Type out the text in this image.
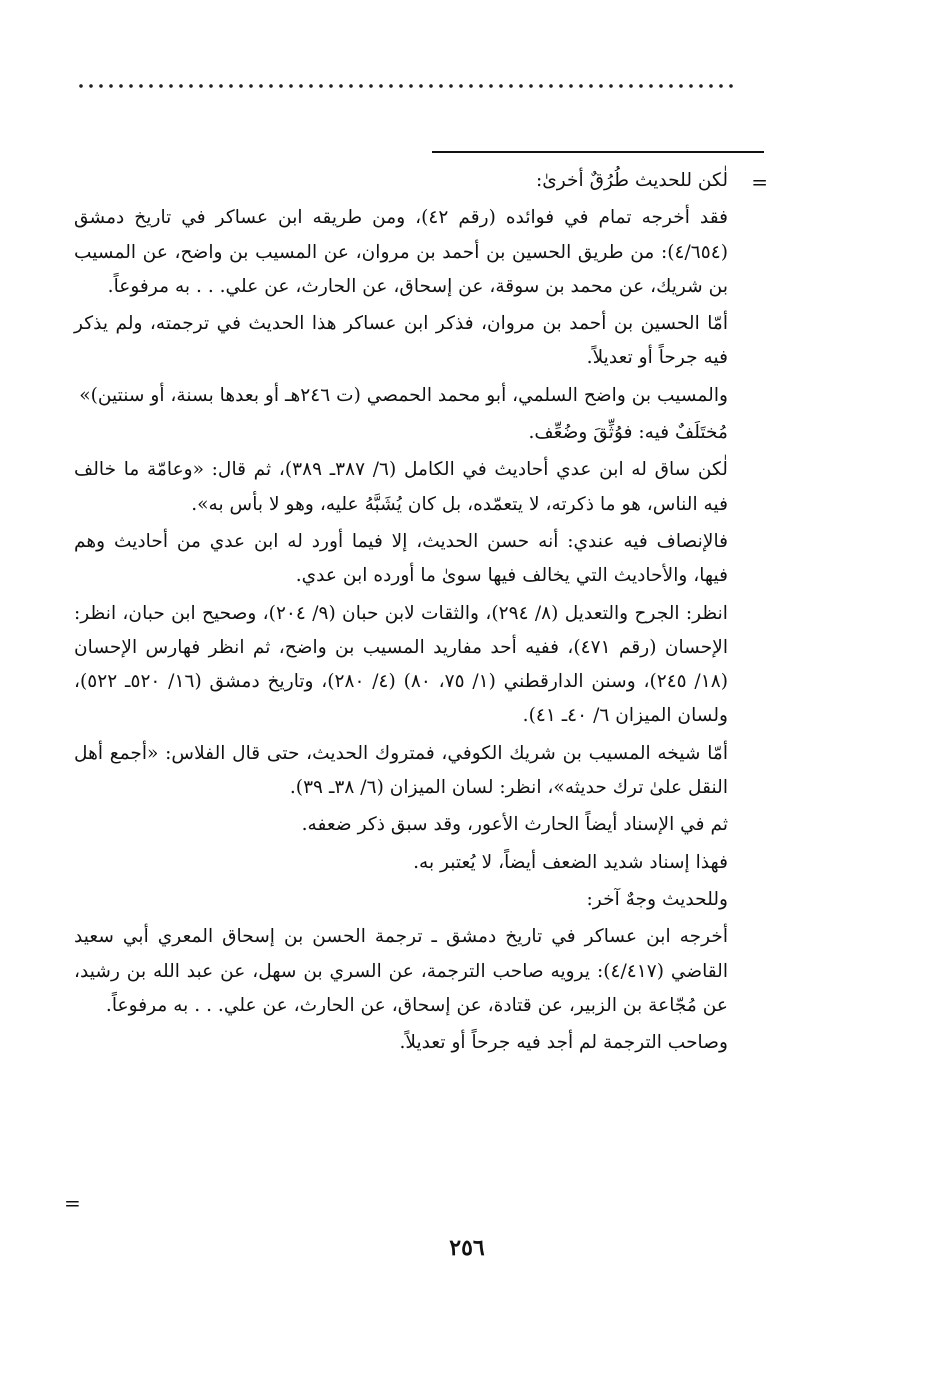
=

لٰكن للحديث طُرُقٌ أخرىٰ:

فقد أخرجه تمام في فوائده (رقم ٤٢)، ومن طريقه ابن عساكر في تاريخ دمشق (٤/٦٥٤): من طريق الحسين بن أحمد بن مروان، عن المسيب بن واضح، عن المسيب بن شريك، عن محمد بن سوقة، عن إسحاق، عن الحارث، عن علي. . . به مرفوعاً.

أمّا الحسين بن أحمد بن مروان، فذكر ابن عساكر هذا الحديث في ترجمته، ولم يذكر فيه جرحاً أو تعديلاً.

والمسيب بن واضح السلمي، أبو محمد الحمصي (ت ٢٤٦هـ أو بعدها بسنة، أو سنتين)»

مُختَلَفٌ فيه: فوُثِّقَ وضُعِّف.

لٰكن ساق له ابن عدي أحاديث في الكامل (٦/ ٣٨٧ـ ٣٨٩)، ثم قال: «وعامّة ما خالف فيه الناس، هو ما ذكرته، لا يتعمّده، بل كان يُشَبَّهُ عليه، وهو لا بأس به».

فالإنصاف فيه عندي: أنه حسن الحديث، إلا فيما أورد له ابن عدي من أحاديث وهم فيها، والأحاديث التي يخالف فيها سوىٰ ما أورده ابن عدي.

انظر: الجرح والتعديل (٨/ ٢٩٤)، والثقات لابن حبان (٩/ ٢٠٤)، وصحيح ابن حبان، انظر: الإحسان (رقم ٤٧١)، ففيه أحد مفاريد المسيب بن واضح، ثم انظر فهارس الإحسان (١٨/ ٢٤٥)، وسنن الدارقطني (١/ ٧٥، ٨٠) (٤/ ٢٨٠)، وتاريخ دمشق (١٦/ ٥٢٠ـ ٥٢٢)، ولسان الميزان ٦/ ٤٠ـ ٤١).

أمّا شيخه المسيب بن شريك الكوفي، فمتروك الحديث، حتى قال الفلاس: «أجمع أهل النقل علىٰ ترك حديثه»، انظر: لسان الميزان (٦/ ٣٨ـ ٣٩).

ثم في الإسناد أيضاً الحارث الأعور، وقد سبق ذكر ضعفه.

فهذا إسناد شديد الضعف أيضاً، لا يُعتبر به.

وللحديث وجهٌ آخر:

أخرجه ابن عساكر في تاريخ دمشق ـ ترجمة الحسن بن إسحاق المعري أبي سعيد القاضي (٤/٤١٧): يرويه صاحب الترجمة، عن السري بن سهل، عن عبد الله بن رشيد، عن مُجّاعة بن الزبير، عن قتادة، عن إسحاق، عن الحارث، عن علي. . . به مرفوعاً.

وصاحب الترجمة لم أجد فيه جرحاً أو تعديلاً.

=
٢٥٦
